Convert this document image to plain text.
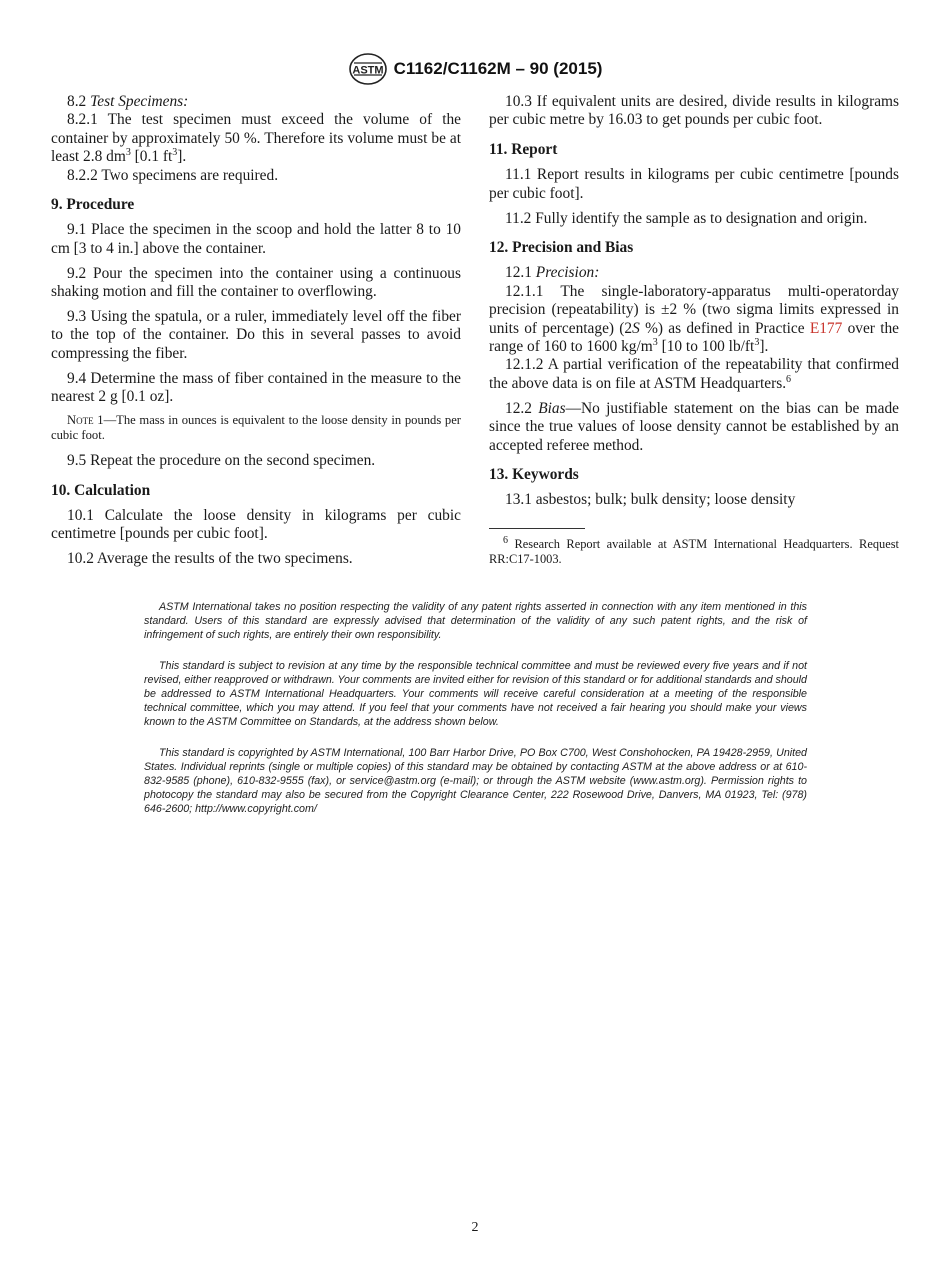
ASTM C1162/C1162M – 90 (2015)

8.2 Test Specimens:

8.2.1 The test specimen must exceed the volume of the container by approximately 50 %. Therefore its volume must be at least 2.8 $dm^3$ [0.1 $ft^3$].

8.2.2 Two specimens are required.

9. Procedure

9.1 Place the specimen in the scoop and hold the latter 8 to 10 cm [3 to 4 in.] above the container.

9.2 Pour the specimen into the container using a continuous shaking motion and fill the container to overflowing.

9.3 Using the spatula, or a ruler, immediately level off the fiber to the top of the container. Do this in several passes to avoid compressing the fiber.

9.4 Determine the mass of fiber contained in the measure to the nearest 2 g [0.1 oz].

Note 1—The mass in ounces is equivalent to the loose density in pounds per cubic foot.

9.5 Repeat the procedure on the second specimen.

10. Calculation

10.1 Calculate the loose density in kilograms per cubic centimetre [pounds per cubic foot].

10.2 Average the results of the two specimens.

10.3 If equivalent units are desired, divide results in kilograms per cubic metre by 16.03 to get pounds per cubic foot.

11. Report

11.1 Report results in kilograms per cubic centimetre [pounds per cubic foot].

11.2 Fully identify the sample as to designation and origin.

12. Precision and Bias

12.1 Precision:

12.1.1 The single-laboratory-apparatus multi-operatorday precision (repeatability) is ±2 % (two sigma limits expressed in units of percentage) (2S %) as defined in Practice E177 over the range of 160 to 1600 $kg/m^3$ [10 to 100 $lb/ft^3$].

12.1.2 A partial verification of the repeatability that confirmed the above data is on file at ASTM Headquarters.$^6$

12.2 Bias—No justifiable statement on the bias can be made since the true values of loose density cannot be established by an accepted referee method.

13. Keywords

13.1 asbestos; bulk; bulk density; loose density

$^6$ Research Report available at ASTM International Headquarters. Request RR:C17-1003.

ASTM International takes no position respecting the validity of any patent rights asserted in connection with any item mentioned in this standard. Users of this standard are expressly advised that determination of the validity of any such patent rights, and the risk of infringement of such rights, are entirely their own responsibility.

This standard is subject to revision at any time by the responsible technical committee and must be reviewed every five years and if not revised, either reapproved or withdrawn. Your comments are invited either for revision of this standard or for additional standards and should be addressed to ASTM International Headquarters. Your comments will receive careful consideration at a meeting of the responsible technical committee, which you may attend. If you feel that your comments have not received a fair hearing you should make your views known to the ASTM Committee on Standards, at the address shown below.

This standard is copyrighted by ASTM International, 100 Barr Harbor Drive, PO Box C700, West Conshohocken, PA 19428-2959, United States. Individual reprints (single or multiple copies) of this standard may be obtained by contacting ASTM at the above address or at 610-832-9585 (phone), 610-832-9555 (fax), or service@astm.org (e-mail); or through the ASTM website (www.astm.org). Permission rights to photocopy the standard may also be secured from the Copyright Clearance Center, 222 Rosewood Drive, Danvers, MA 01923, Tel: (978) 646-2600; http://www.copyright.com/

2
